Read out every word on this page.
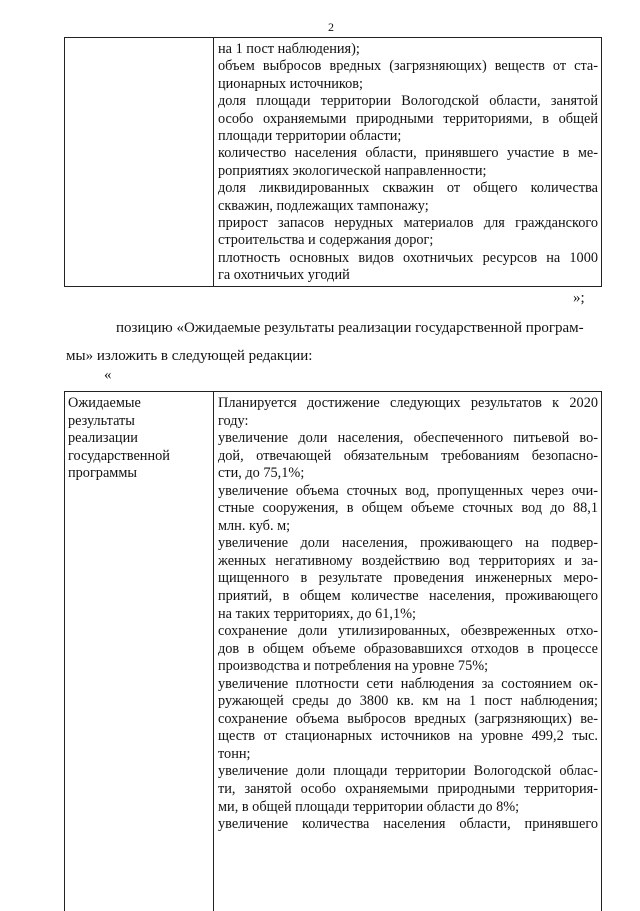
2
на 1 пост наблюдения);
объем выбросов вредных (загрязняющих) веществ от ста-
ционарных источников;
доля площади территории Вологодской области, занятой
особо охраняемыми природными территориями, в общей
площади территории области;
количество населения области, принявшего участие в ме-
роприятиях экологической направленности;
доля ликвидированных скважин от общего количества
скважин, подлежащих тампонажу;
прирост запасов нерудных материалов для гражданского
строительства и содержания дорог;
плотность основных видов охотничьих ресурсов на 1000
га охотничьих угодий
»;
позицию «Ожидаемые результаты реализации государственной програм-
мы» изложить в следующей редакции:
«
Ожидаемые
результаты
реализации
государственной
программы
Планируется достижение следующих результатов к 2020
году:
увеличение доли населения, обеспеченного питьевой во-
дой, отвечающей обязательным требованиям безопасно-
сти, до 75,1%;
увеличение объема сточных вод, пропущенных через очи-
стные сооружения, в общем объеме сточных вод до 88,1
млн. куб. м;
увеличение доли населения, проживающего на подвер-
женных негативному воздействию вод территориях и за-
щищенного в результате проведения инженерных меро-
приятий, в общем количестве населения, проживающего
на таких территориях, до 61,1%;
сохранение доли утилизированных, обезвреженных отхо-
дов в общем объеме образовавшихся отходов в процессе
производства и потребления на уровне 75%;
увеличение плотности сети наблюдения за состоянием ок-
ружающей среды до 3800 кв. км на 1 пост наблюдения;
сохранение объема выбросов вредных (загрязняющих) ве-
ществ от стационарных источников на уровне 499,2 тыс.
тонн;
увеличение доли площади территории Вологодской облас-
ти, занятой особо охраняемыми природными территория-
ми, в общей площади территории области до 8%;
увеличение количества населения области, принявшего
